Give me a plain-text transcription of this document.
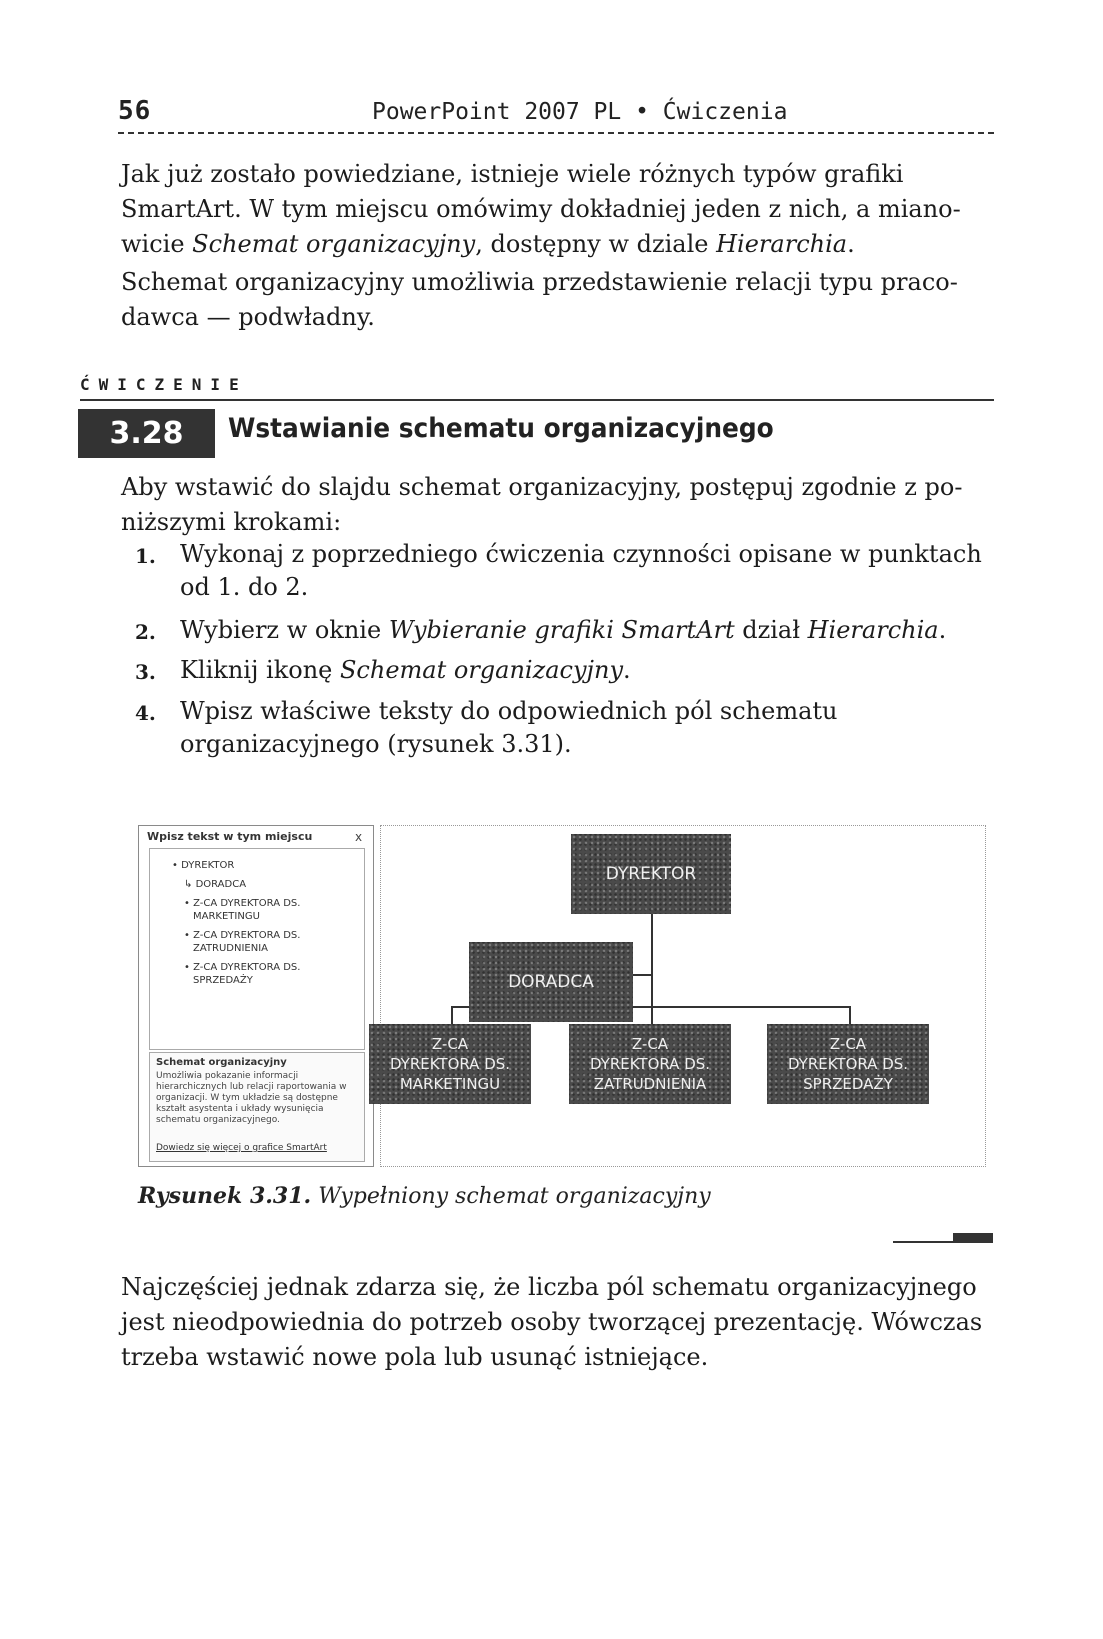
56	PowerPoint 2007 PL • Ćwiczenia
Jak już zostało powiedziane, istnieje wiele różnych typów grafiki
SmartArt. W tym miejscu omówimy dokładniej jeden z nich, a miano-
wicie Schemat organizacyjny, dostępny w dziale Hierarchia.
Schemat organizacyjny umożliwia przedstawienie relacji typu praco-
dawca — podwładny.
ĆWICZENIE
3.28	Wstawianie schematu organizacyjnego
Aby wstawić do slajdu schemat organizacyjny, postępuj zgodnie z po-
niższymi krokami:
1. Wykonaj z poprzedniego ćwiczenia czynności opisane w punktach
od 1. do 2.
2. Wybierz w oknie Wybieranie grafiki SmartArt dział Hierarchia.
3. Kliknij ikonę Schemat organizacyjny.
4. Wpisz właściwe teksty do odpowiednich pól schematu
organizacyjnego (rysunek 3.31).
Wpisz tekst w tym miejscu	x
• DYREKTOR
↳ DORADCA
• Z-CA DYREKTORA DS.
MARKETINGU
• Z-CA DYREKTORA DS.
ZATRUDNIENIA
• Z-CA DYREKTORA DS.
SPRZEDAŻY
Schemat organizacyjny
Umożliwia pokazanie informacji hierarchicznych lub relacji raportowania w organizacji. W tym układzie są dostępne kształt asystenta i układy wysunięcia schematu organizacyjnego.
Dowiedz się więcej o grafice SmartArt
DYREKTOR
DORADCA
Z-CA
DYREKTORA DS.
MARKETINGU
Z-CA
DYREKTORA DS.
ZATRUDNIENIA
Z-CA
DYREKTORA DS.
SPRZEDAŻY
Rysunek 3.31. Wypełniony schemat organizacyjny
Najczęściej jednak zdarza się, że liczba pól schematu organizacyjnego
jest nieodpowiednia do potrzeb osoby tworzącej prezentację. Wówczas
trzeba wstawić nowe pola lub usunąć istniejące.
